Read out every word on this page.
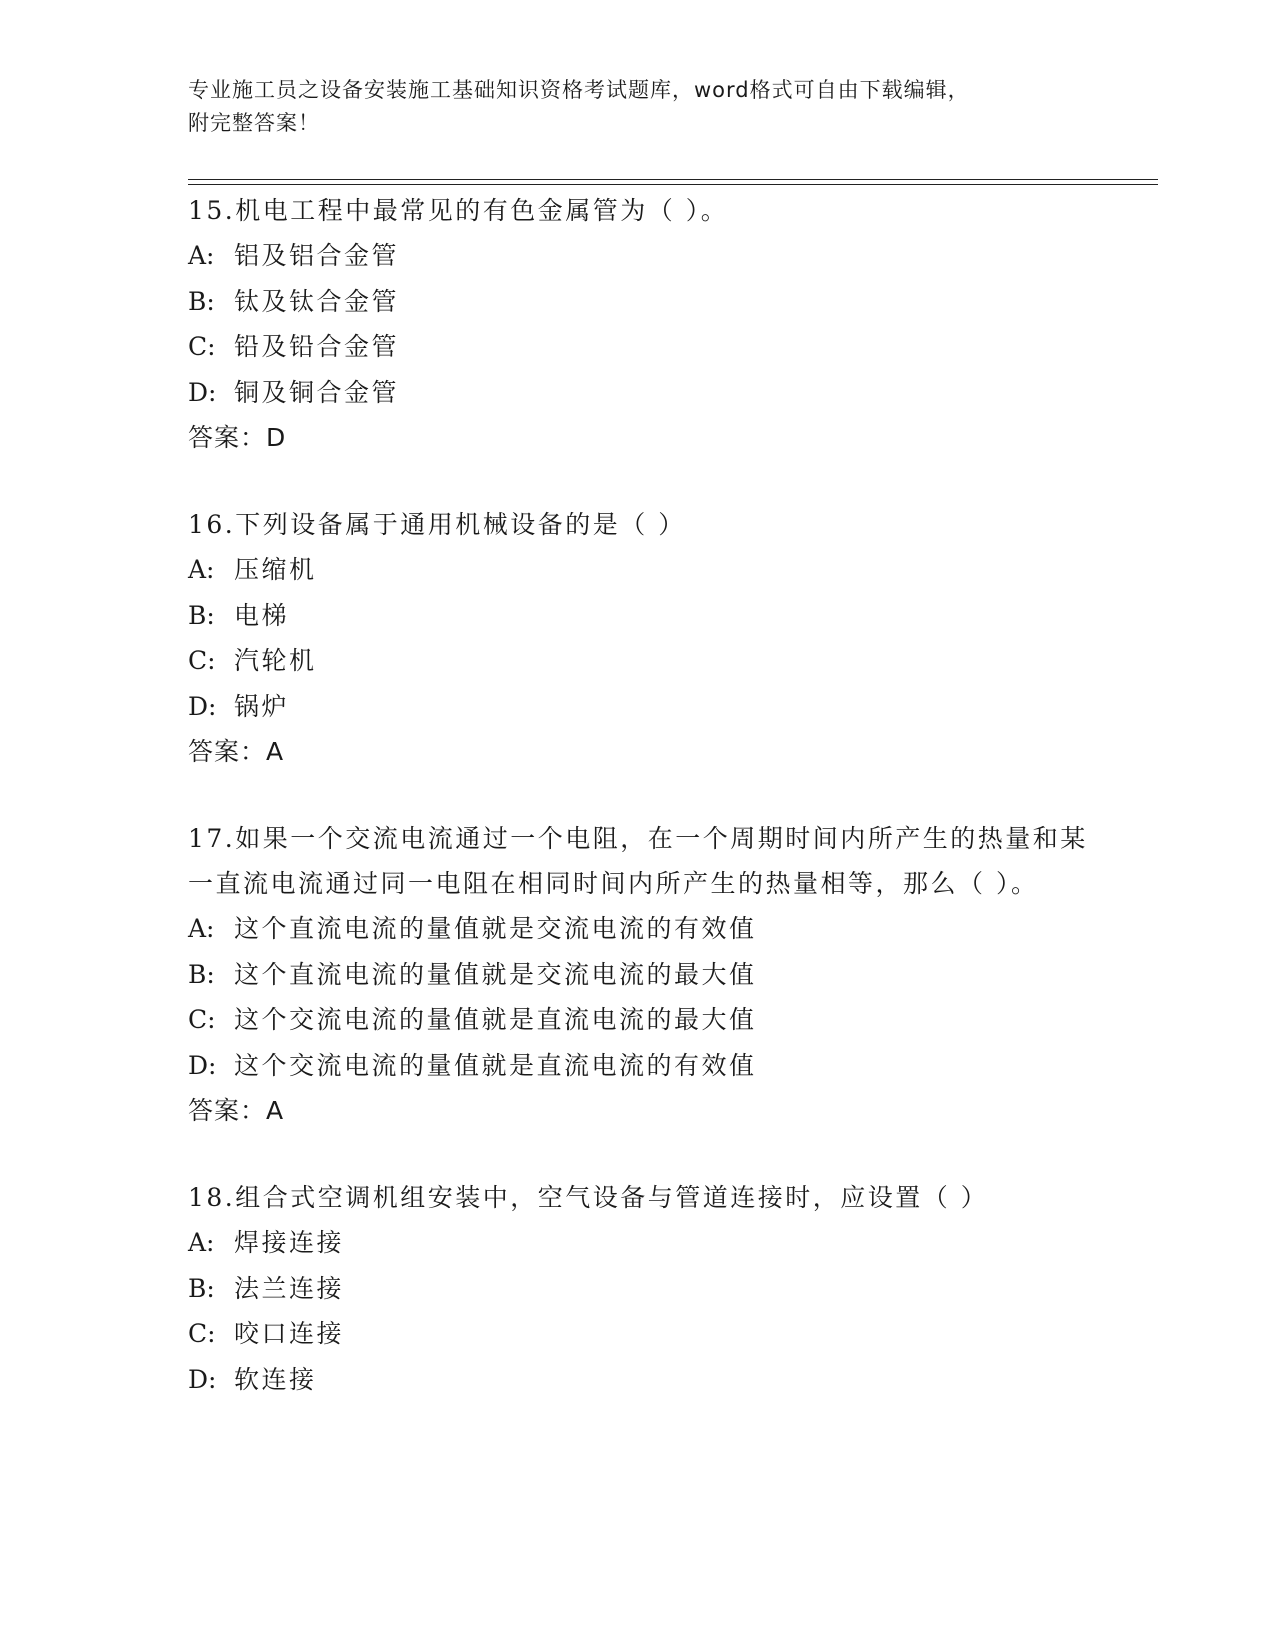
专业施工员之设备安装施工基础知识资格考试题库，word格式可自由下载编辑，
附完整答案！

15.机电工程中最常见的有色金属管为（ ）。

A: 铝及铝合金管

B: 钛及钛合金管

C: 铅及铅合金管

D: 铜及铜合金管

答案：D

16.下列设备属于通用机械设备的是（ ）

A: 压缩机

B: 电梯

C: 汽轮机

D: 锅炉

答案：A

17.如果一个交流电流通过一个电阻，在一个周期时间内所产生的热量和某一直流电流通过同一电阻在相同时间内所产生的热量相等，那么（ ）。

A: 这个直流电流的量值就是交流电流的有效值

B: 这个直流电流的量值就是交流电流的最大值

C: 这个交流电流的量值就是直流电流的最大值

D: 这个交流电流的量值就是直流电流的有效值

答案：A

18.组合式空调机组安装中，空气设备与管道连接时，应设置（ ）

A: 焊接连接

B: 法兰连接

C: 咬口连接

D: 软连接
